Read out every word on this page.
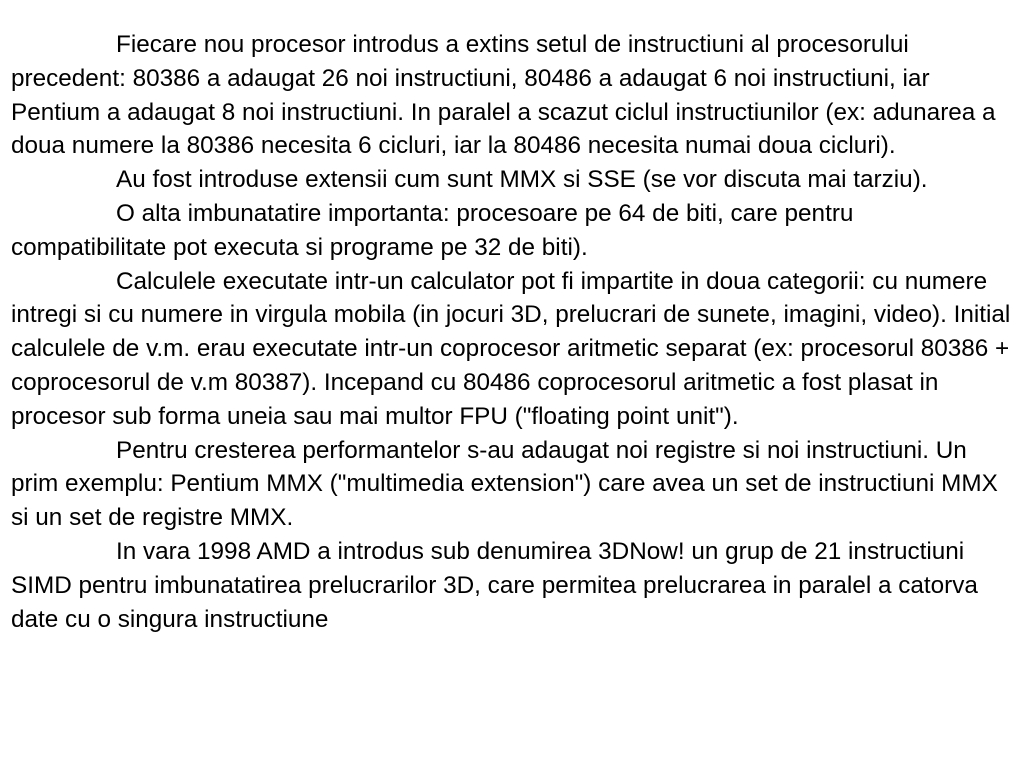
Fiecare nou procesor introdus a extins setul de instructiuni al procesorului precedent: 80386 a adaugat 26 noi instructiuni, 80486 a adaugat 6 noi instructiuni, iar Pentium a adaugat 8 noi instructiuni. In paralel a scazut ciclul instructiunilor (ex: adunarea a doua numere la 80386 necesita 6 cicluri, iar la 80486 necesita numai doua cicluri).

Au fost introduse extensii cum sunt MMX si SSE (se vor discuta mai tarziu).

O alta imbunatatire importanta: procesoare pe 64 de biti, care pentru compatibilitate pot executa si programe pe 32 de biti).

Calculele executate intr-un calculator pot fi impartite in doua categorii: cu numere intregi si cu numere in virgula mobila (in jocuri 3D, prelucrari de sunete, imagini, video). Initial calculele de v.m. erau executate intr-un coprocesor aritmetic separat (ex: procesorul 80386 + coprocesorul de v.m 80387). Incepand cu 80486 coprocesorul aritmetic a fost plasat in procesor sub forma uneia sau mai multor FPU ("floating point unit").

Pentru cresterea performantelor s-au adaugat noi registre si noi instructiuni. Un prim exemplu: Pentium MMX ("multimedia extension") care avea un set de instructiuni MMX si un set de registre MMX.

In vara 1998 AMD a introdus sub denumirea 3DNow! un grup de 21 instructiuni SIMD pentru imbunatatirea prelucrarilor 3D, care permitea prelucrarea in paralel a catorva date cu o singura instructiune
